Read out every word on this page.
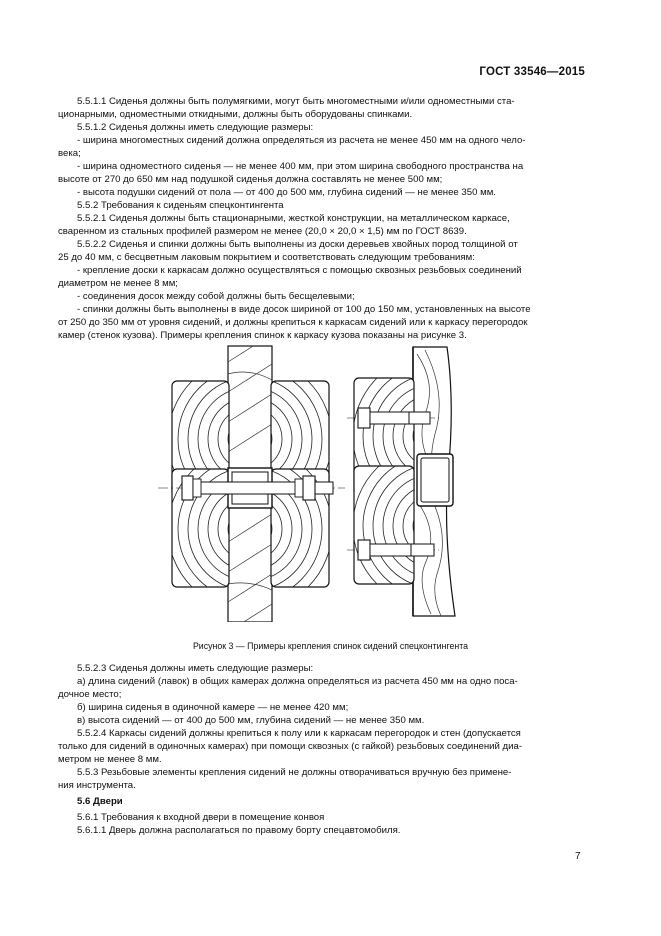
ГОСТ 33546—2015
5.5.1.1 Сиденья должны быть полумягкими, могут быть многоместными и/или одноместными ста-
ционарными, одноместными откидными, должны быть оборудованы спинками.
5.5.1.2 Сиденья должны иметь следующие размеры:
- ширина многоместных сидений должна определяться из расчета не менее 450 мм на одного чело-
века;
- ширина одноместного сиденья — не менее 400 мм, при этом ширина свободного пространства на
высоте от 270 до 650 мм над подушкой сиденья должна составлять не менее 500 мм;
- высота подушки сидений от пола — от 400 до 500 мм, глубина сидений — не менее 350 мм.
5.5.2 Требования к сиденьям спецконтингента
5.5.2.1 Сиденья должны быть стационарными, жесткой конструкции, на металлическом каркасе,
сваренном из стальных профилей размером не менее (20,0 × 20,0 × 1,5) мм по ГОСТ 8639.
5.5.2.2 Сиденья и спинки должны быть выполнены из доски деревьев хвойных пород толщиной от
25 до 40 мм, с бесцветным лаковым покрытием и соответствовать следующим требованиям:
- крепление доски к каркасам должно осуществляться с помощью сквозных резьбовых соединений
диаметром не менее 8 мм;
- соединения досок между собой должны быть бесщелевыми;
- спинки должны быть выполнены в виде досок шириной от 100 до 150 мм, установленных на высоте
от 250 до 350 мм от уровня сидений, и должны крепиться к каркасам сидений или к каркасу перегородок
камер (стенок кузова). Примеры крепления спинок к каркасу кузова показаны на рисунке 3.
Рисунок 3 — Примеры крепления спинок сидений спецконтингента
5.5.2.3 Сиденья должны иметь следующие размеры:
а) длина сидений (лавок) в общих камерах должна определяться из расчета 450 мм на одно поса-
дочное место;
б) ширина сиденья в одиночной камере — не менее 420 мм;
в) высота сидений — от 400 до 500 мм, глубина сидений — не менее 350 мм.
5.5.2.4 Каркасы сидений должны крепиться к полу или к каркасам перегородок и стен (допускается
только для сидений в одиночных камерах) при помощи сквозных (с гайкой) резьбовых соединений диа-
метром не менее 8 мм.
5.5.3 Резьбовые элементы крепления сидений не должны отворачиваться вручную без примене-
ния инструмента.
5.6 Двери
5.6.1 Требования к входной двери в помещение конвоя
5.6.1.1 Дверь должна располагаться по правому борту спецавтомобиля.
7
